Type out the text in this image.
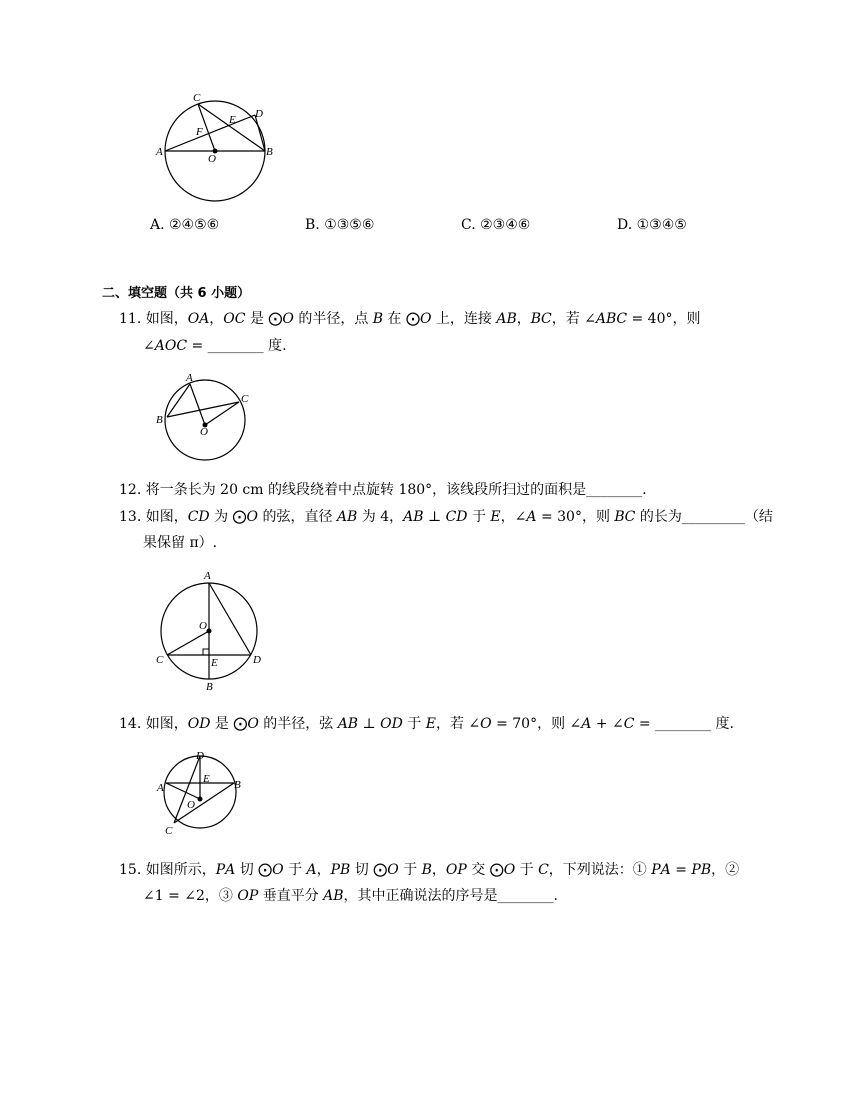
C
D
E
F
A
O
B
A. ②④⑤⑥	B. ①③⑤⑥	C. ②③④⑥	D. ①③④⑤
二、填空题（共 6 小题）
11. 如图，𝑂𝐴，𝑂𝐶 是 ⨀𝑂 的半径，点 𝐵 在 ⨀𝑂 上，连接 𝐴𝐵，𝐵𝐶，若 ∠𝐴𝐵𝐶 = 40°，则
∠𝐴𝑂𝐶 = ________ 度.
A
B
C
O
12. 将一条长为 20 cm 的线段绕着中点旋转 180°，该线段所扫过的面积是________.
13. 如图，𝐶𝐷 为 ⨀𝑂 的弦，直径 𝐴𝐵 为 4，𝐴𝐵 ⊥ 𝐶𝐷 于 𝐸，∠𝐴 = 30°，则 𝐵𝐶 的长为_________（结
果保留 π）.
A
O
C	E	D
B
14. 如图，𝑂𝐷 是 ⨀𝑂 的半径，弦 𝐴𝐵 ⊥ 𝑂𝐷 于 𝐸，若 ∠𝑂 = 70°，则 ∠𝐴 + ∠𝐶 = ________ 度.
D
E
A	B
O
C
15. 如图所示，𝑃𝐴 切 ⨀𝑂 于 𝐴，𝑃𝐵 切 ⨀𝑂 于 𝐵，𝑂𝑃 交 ⨀𝑂 于 𝐶，下列说法：① 𝑃𝐴 = 𝑃𝐵，②
∠1 = ∠2，③ 𝑂𝑃 垂直平分 𝐴𝐵，其中正确说法的序号是________.
